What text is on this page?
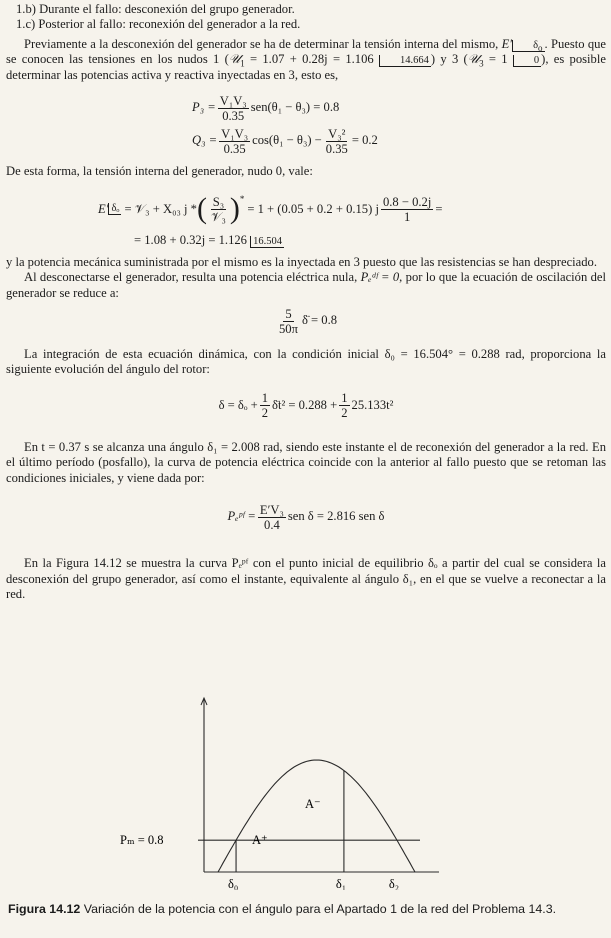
1.b) Durante el fallo: desconexión del grupo generador.

1.c) Posterior al fallo: reconexión del generador a la red.

Previamente a la desconexión del generador se ha de determinar la tensión interna del mismo, E′ $\delta_o$ . Puesto que se conocen las tensiones en los nudos 1 (𝒰$_1$ = 1.07 + 0.28j = 1.106	14.664 ) y 3 (𝒰$_3$ = 1	0 ), es posible determinar las potencias activa y reactiva inyectadas en 3, esto es,

$P_3 = \frac{\text{V₁V₃}}{0.35} sen(\theta_1 - \theta_3) = 0.8$
$Q_3 = \frac{\text{V₁V₃}}{0.35} \cos(\theta_1 - \theta_3) - \frac{\text{V₃²}}{0.35} = 0.2$

De esta forma, la tensión interna del generador, nudo 0, vale:

E′ δₒ = 𝒱₃ + X₀₃ j * ( $\frac{\text{S₃}}{\text{𝒱₃}} )^*$
= 1 + (0.05 + 0.2 + 0.15) j $\frac{0.8 - 0.2j}{1}$ =
= 1.08 + 0.32j = 1.126 16.504

y la potencia mecánica suministrada por el mismo es la inyectada en 3 puesto que las resistencias se han despreciado.

Al desconectarse el generador, resulta una potencia eléctrica nula, Pₑᵈᶠ = 0, por lo que la ecuación de oscilación del generador se reduce a:

$\frac{5}{50\pi}$ δ̈ = 0.8

La integración de esta ecuación dinámica, con la condición inicial δ₀ = 16.504° = 0.288 rad, proporciona la siguiente evolución del ángulo del rotor:

$\delta = \delta_o + \frac{1}{2}$ δ̈t² = $0.288 + \frac{1}{2} 25.133t^2$

En t = 0.37 s se alcanza una ángulo δ₁ = 2.008 rad, siendo este instante el de reconexión del generador a la red. En el último período (posfallo), la curva de potencia eléctrica coincide con la anterior al fallo puesto que se retoman las condiciones iniciales, y viene dada por:

Pₑᵖᶠ = $\frac{\text{E′V₃}}{0.4}$ sen δ = 2.816 sen δ

En la Figura 14.12 se muestra la curva Pₑᵖᶠ con el punto inicial de equilibrio δₒ a partir del cual se considera la desconexión del grupo generador, así como el instante, equivalente al ángulo δ₁, en el que se vuelve a reconectar a la red.

Pₘ = 0.8	A⁺
A⁻
δ₀	δ₁	δ₂
Figura 14.12 Variación de la potencia con el ángulo para el Apartado 1 de la red del Problema 14.3.
